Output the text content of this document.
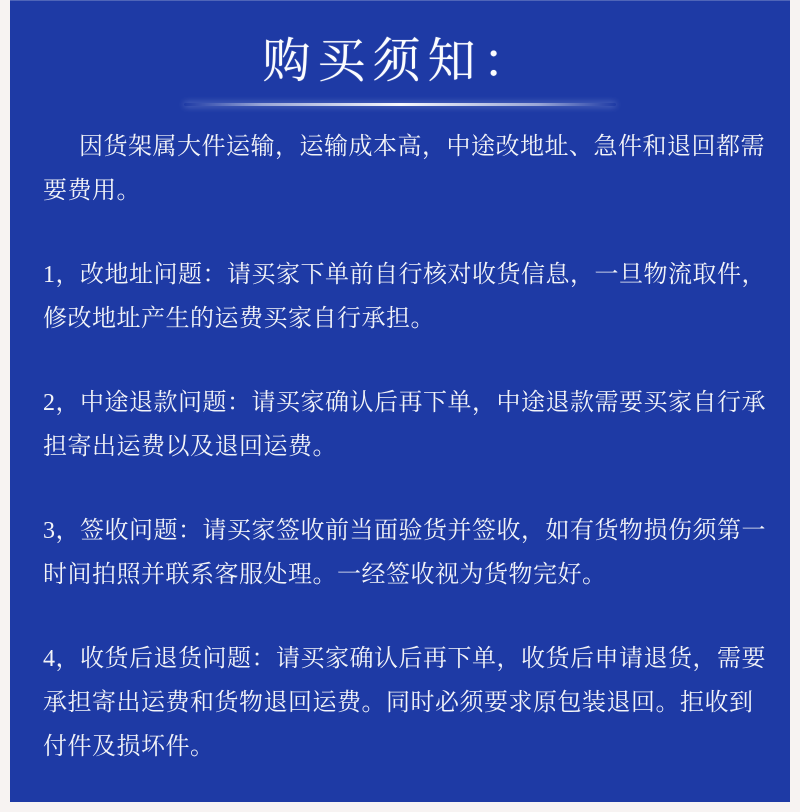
购买须知：

因货架属大件运输，运输成本高，中途改地址、急件和退回都需要费用。

1，改地址问题：请买家下单前自行核对收货信息，一旦物流取件，修改地址产生的运费买家自行承担。

2，中途退款问题：请买家确认后再下单，中途退款需要买家自行承担寄出运费以及退回运费。

3，签收问题：请买家签收前当面验货并签收，如有货物损伤须第一时间拍照并联系客服处理。一经签收视为货物完好。

4，收货后退货问题：请买家确认后再下单，收货后申请退货，需要承担寄出运费和货物退回运费。同时必须要求原包装退回。拒收到付件及损坏件。
